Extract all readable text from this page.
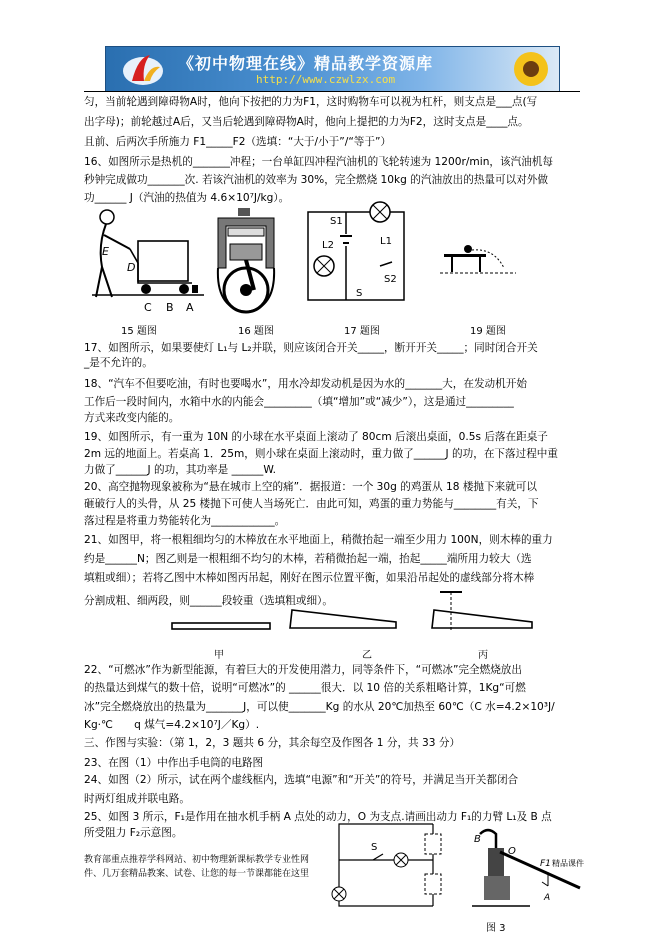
《初中物理在线》精品教学资源库
http://www.czwlzx.com
匀，当前轮遇到障碍物A时，他向下按把的力为F1，这时购物车可以视为杠杆，则支点是___点(写
出字母)；前轮越过A后，又当后轮遇到障碍物A时，他向上提把的力为F2，这时支点是____点。
且前、后两次手所施力 F1_____F2（选填：“大于/小于”/“等于”）
16、如图所示是热机的_______冲程；一台单缸四冲程汽油机的飞轮转速为 1200r/min，该汽油机每
秒钟完成做功_______次. 若该汽油机的效率为 30%，完全燃烧 10kg 的汽油放出的热量可以对外做
功______ J（汽油的热值为 4.6×10⁷J/kg）。
E
D
C B A
S1
L1
L2
S2
S
15 题图	16 题图	17 题图	19 题图
17、如图所示，如果要使灯 L₁与 L₂并联，则应该闭合开关_____，断开开关_____；同时闭合开关
_是不允许的。
18、“汽车不但要吃油，有时也要喝水”，用水冷却发动机是因为水的_______大，在发动机开始
工作后一段时间内，水箱中水的内能会_________（填“增加”或“减少”），这是通过_________
方式来改变内能的。
19、如图所示，有一重为 10N 的小球在水平桌面上滚动了 80cm 后滚出桌面，0.5s 后落在距桌子
2m 远的地面上。若桌高 1．25m，则小球在桌面上滚动时，重力做了______J 的功，在下落过程中重
力做了______J 的功，其功率是 ______W.
20、高空抛物现象被称为“悬在城市上空的痛”．据报道：一个 30g 的鸡蛋从 18 楼抛下来就可以
砸破行人的头骨，从 25 楼抛下可使人当场死亡．由此可知，鸡蛋的重力势能与________有关，下
落过程是将重力势能转化为____________。
21、如图甲，将一根粗细均匀的木棒放在水平地面上，稍微抬起一端至少用力 100N，则木棒的重力
约是______N；图乙则是一根粗细不均匀的木棒，若稍微抬起一端，抬起_____端所用力较大（选
填粗或细）；若将乙图中木棒如图丙吊起，刚好在图示位置平衡，如果沿吊起处的虚线部分将木棒
分割成粗、细两段，则______段较重（选填粗或细）。
甲	乙	丙
22、“可燃冰”作为新型能源，有着巨大的开发使用潜力，同等条件下，“可燃冰”完全燃烧放出
的热量达到煤气的数十倍，说明“可燃冰”的 ______很大．以 10 倍的关系粗略计算，1Kg“可燃
冰”完全燃烧放出的热量为_______J，可以使_______Kg 的水从 20℃加热至 60℃（C 水=4.2×10³J/
Kg·℃　　q 煤气=4.2×10⁷J／Kg）.
三、作图与实验：（第 1，2，3 题共 6 分，其余每空及作图各 1 分，共 33 分）
23、在图（1）中作出手电筒的电路图
24、如图（2）所示，试在两个虚线框内，选填“电源”和“开关”的符号，并满足当开关都闭合
时两灯组成并联电路。
25、如图 3 所示，F₁是作用在抽水机手柄 A 点处的动力，O 为支点.请画出动力 F₁的力臂 L₁及 B 点
所受阻力 F₂示意图。
教育部重点推荐学科网站、初中物理新课标教学专业性网
件、几万套精品教案、试卷、让您的每一节课都能在这里
S
B
O
F1
A
精品课件
图 3
